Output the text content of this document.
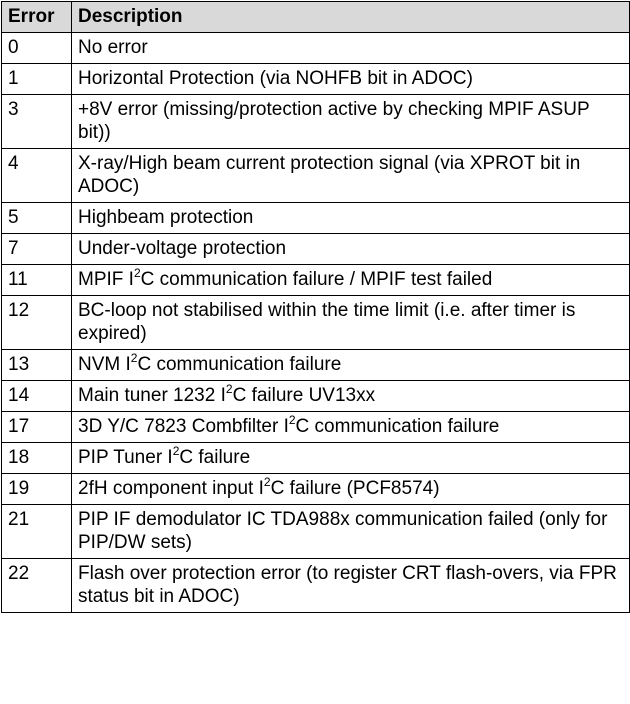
Error	Description
0	No error
1	Horizontal Protection (via NOHFB bit in ADOC)
3	+8V error (missing/protection active by checking MPIF ASUP bit))
4	X-ray/High beam current protection signal (via XPROT bit in ADOC)
5	Highbeam protection
7	Under-voltage protection
11	MPIF $I^2C$ communication failure / MPIF test failed
12	BC-loop not stabilised within the time limit (i.e. after timer is expired)
13	NVM $I^2C$ communication failure
14	Main tuner 1232 $I^2C$ failure UV13xx
17	3D Y/C 7823 Combfilter $I^2C$ communication failure
18	PIP Tuner $I^2C$ failure
19	2fH component input $I^2C$ failure (PCF8574)
21	PIP IF demodulator IC TDA988x communication failed (only for PIP/DW sets)
22	Flash over protection error (to register CRT flash-overs, via FPR status bit in ADOC)
